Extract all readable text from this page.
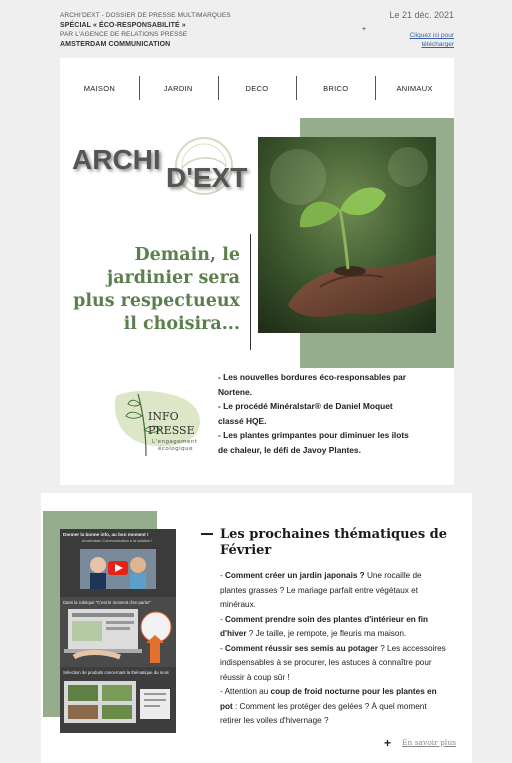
ARCHI'DEXT - DOSSIER DE PRESSE MULTIMARQUES
SPÉCIAL « ÉCO-RESPONSABILITÉ »
PAR L'AGENCE DE RELATIONS PRESSE
AMSTERDAM COMMUNICATION
+
Le 21 déc. 2021
Cliquez ici pour télécharger
MAISON	JARDIN	DECO	BRICO	ANIMAUX
ARCHI
D'EXT
Demain, le jardinier sera plus respectueux il choisira...
INFO
PRESSE
L'engagement
écologique
- Les nouvelles bordures éco-responsables par Nortene.
- Le procédé Minéralstar® de Daniel Moquet classé HQE.
- Les plantes grimpantes pour diminuer les ilots de chaleur, le défi de Javoy Plantes.
Donner la bonne info, au bon moment !
Amsterdam Communication a la solution !
Dans la rubrique "C'est le moment d'en parler"
Sélection de produits concernant la thématique du mois
Les prochaines thématiques de Février
- Comment créer un jardin japonais ? Une rocaille de plantes grasses ? Le mariage parfait entre végétaux et minéraux.
- Comment prendre soin des plantes d'intérieur en fin d'hiver ? Je taille, je rempote, je fleuris ma maison.
- Comment réussir ses semis au potager ? Les accessoires indispensables à se procurer, les astuces à connaître pour réussir à coup sûr !
- Attention au coup de froid nocturne pour les plantes en pot : Comment les protéger des gelées ? À quel moment retirer les voiles d'hivernage ?
+ En savoir plus
